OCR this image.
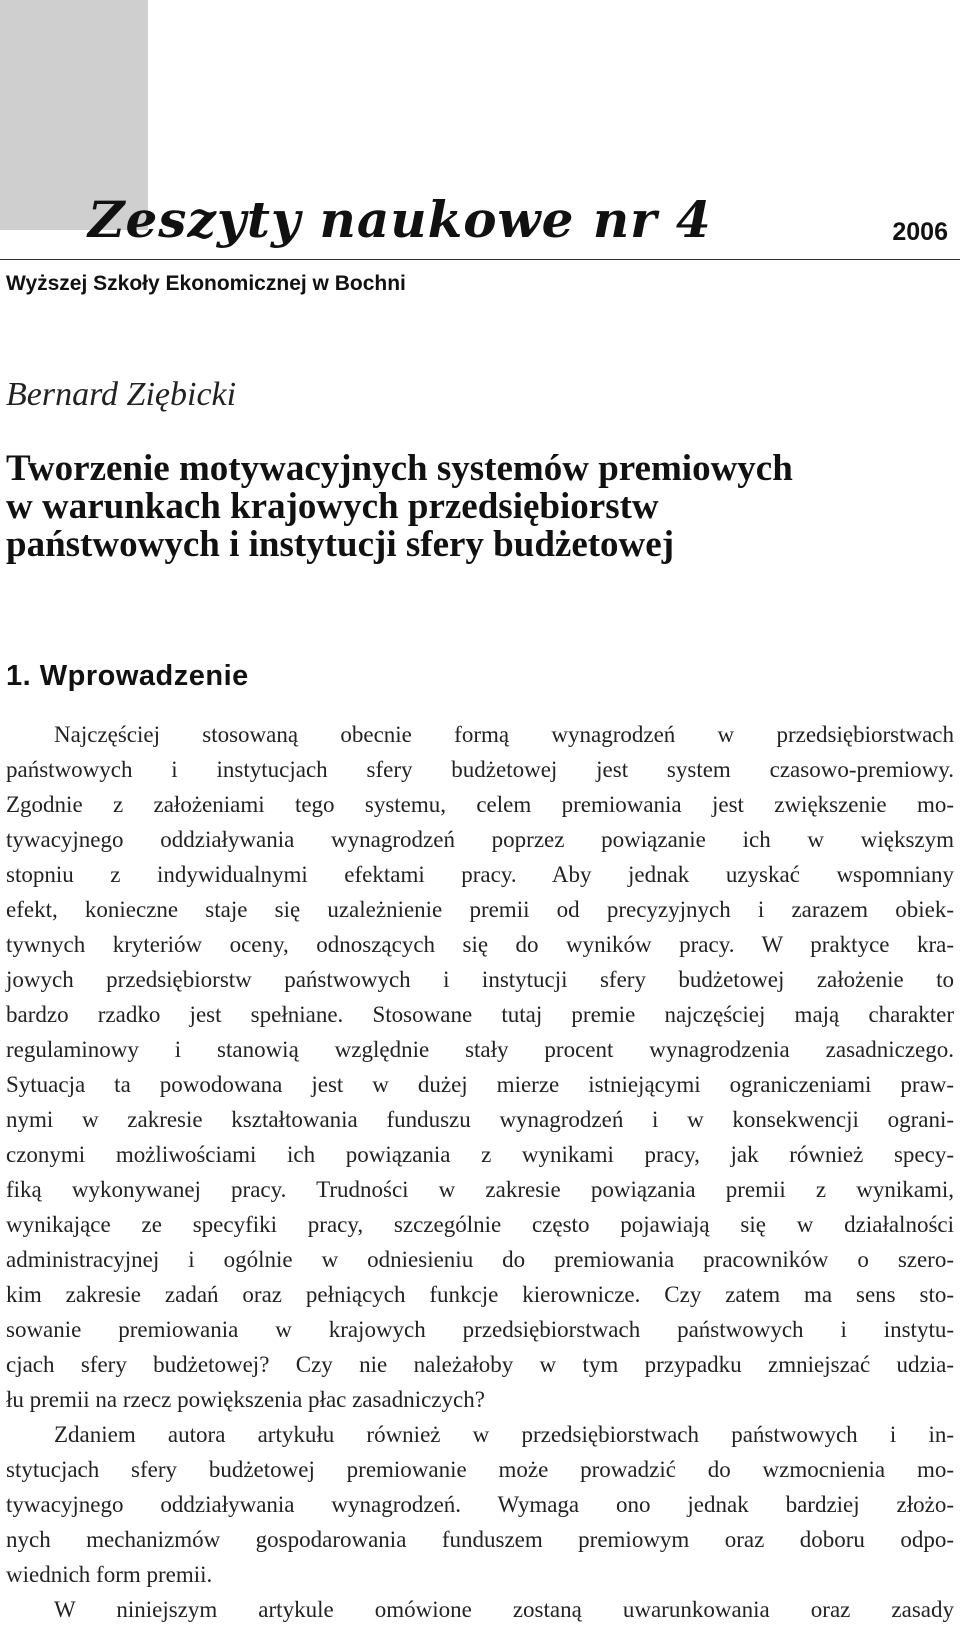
Zeszyty naukowe nr 4	2006
Wyższej Szkoły Ekonomicznej w Bochni
Bernard Ziębicki
Tworzenie motywacyjnych systemów premiowych
w warunkach krajowych przedsiębiorstw
państwowych i instytucji sfery budżetowej
1. Wprowadzenie
Najczęściej stosowaną obecnie formą wynagrodzeń w przedsiębiorstwach
państwowych i instytucjach sfery budżetowej jest system czasowo-premiowy.
Zgodnie z założeniami tego systemu, celem premiowania jest zwiększenie mo-
tywacyjnego oddziaływania wynagrodzeń poprzez powiązanie ich w większym
stopniu z indywidualnymi efektami pracy. Aby jednak uzyskać wspomniany
efekt, konieczne staje się uzależnienie premii od precyzyjnych i zarazem obiek-
tywnych kryteriów oceny, odnoszących się do wyników pracy. W praktyce kra-
jowych przedsiębiorstw państwowych i instytucji sfery budżetowej założenie to
bardzo rzadko jest spełniane. Stosowane tutaj premie najczęściej mają charakter
regulaminowy i stanowią względnie stały procent wynagrodzenia zasadniczego.
Sytuacja ta powodowana jest w dużej mierze istniejącymi ograniczeniami praw-
nymi w zakresie kształtowania funduszu wynagrodzeń i w konsekwencji ograni-
czonymi możliwościami ich powiązania z wynikami pracy, jak również specy-
fiką wykonywanej pracy. Trudności w zakresie powiązania premii z wynikami,
wynikające ze specyfiki pracy, szczególnie często pojawiają się w działalności
administracyjnej i ogólnie w odniesieniu do premiowania pracowników o szero-
kim zakresie zadań oraz pełniących funkcje kierownicze. Czy zatem ma sens sto-
sowanie premiowania w krajowych przedsiębiorstwach państwowych i instytu-
cjach sfery budżetowej? Czy nie należałoby w tym przypadku zmniejszać udzia-
łu premii na rzecz powiększenia płac zasadniczych?
Zdaniem autora artykułu również w przedsiębiorstwach państwowych i in-
stytucjach sfery budżetowej premiowanie może prowadzić do wzmocnienia mo-
tywacyjnego oddziaływania wynagrodzeń. Wymaga ono jednak bardziej złożo-
nych mechanizmów gospodarowania funduszem premiowym oraz doboru odpo-
wiednich form premii.
W niniejszym artykule omówione zostaną uwarunkowania oraz zasady
